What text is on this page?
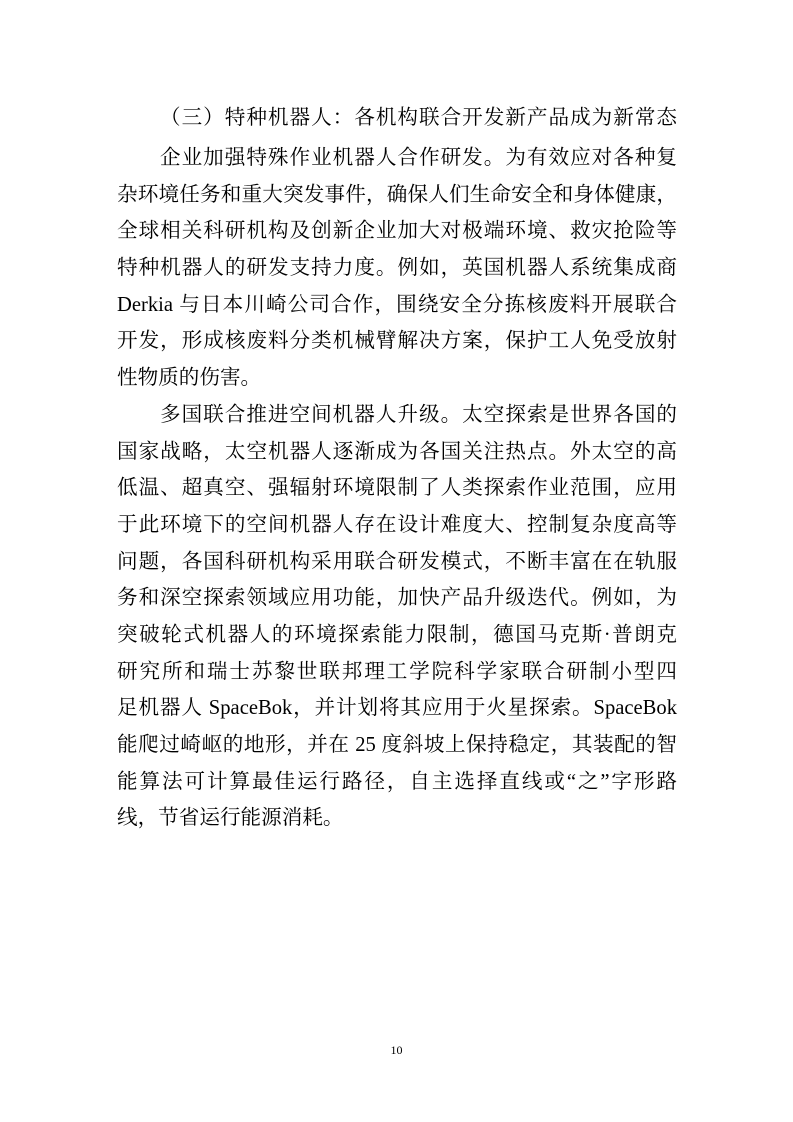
（三）特种机器人：各机构联合开发新产品成为新常态
企业加强特殊作业机器人合作研发。为有效应对各种复
杂环境任务和重大突发事件，确保人们生命安全和身体健康，
全球相关科研机构及创新企业加大对极端环境、救灾抢险等
特种机器人的研发支持力度。例如，英国机器人系统集成商
Derkia 与日本川崎公司合作，围绕安全分拣核废料开展联合
开发，形成核废料分类机械臂解决方案，保护工人免受放射
性物质的伤害。
多国联合推进空间机器人升级。太空探索是世界各国的
国家战略，太空机器人逐渐成为各国关注热点。外太空的高
低温、超真空、强辐射环境限制了人类探索作业范围，应用
于此环境下的空间机器人存在设计难度大、控制复杂度高等
问题，各国科研机构采用联合研发模式，不断丰富在在轨服
务和深空探索领域应用功能，加快产品升级迭代。例如，为
突破轮式机器人的环境探索能力限制，德国马克斯·普朗克
研究所和瑞士苏黎世联邦理工学院科学家联合研制小型四
足机器人 SpaceBok，并计划将其应用于火星探索。SpaceBok
能爬过崎岖的地形，并在 25 度斜坡上保持稳定，其装配的智
能算法可计算最佳运行路径，自主选择直线或“之”字形路
线，节省运行能源消耗。
10
